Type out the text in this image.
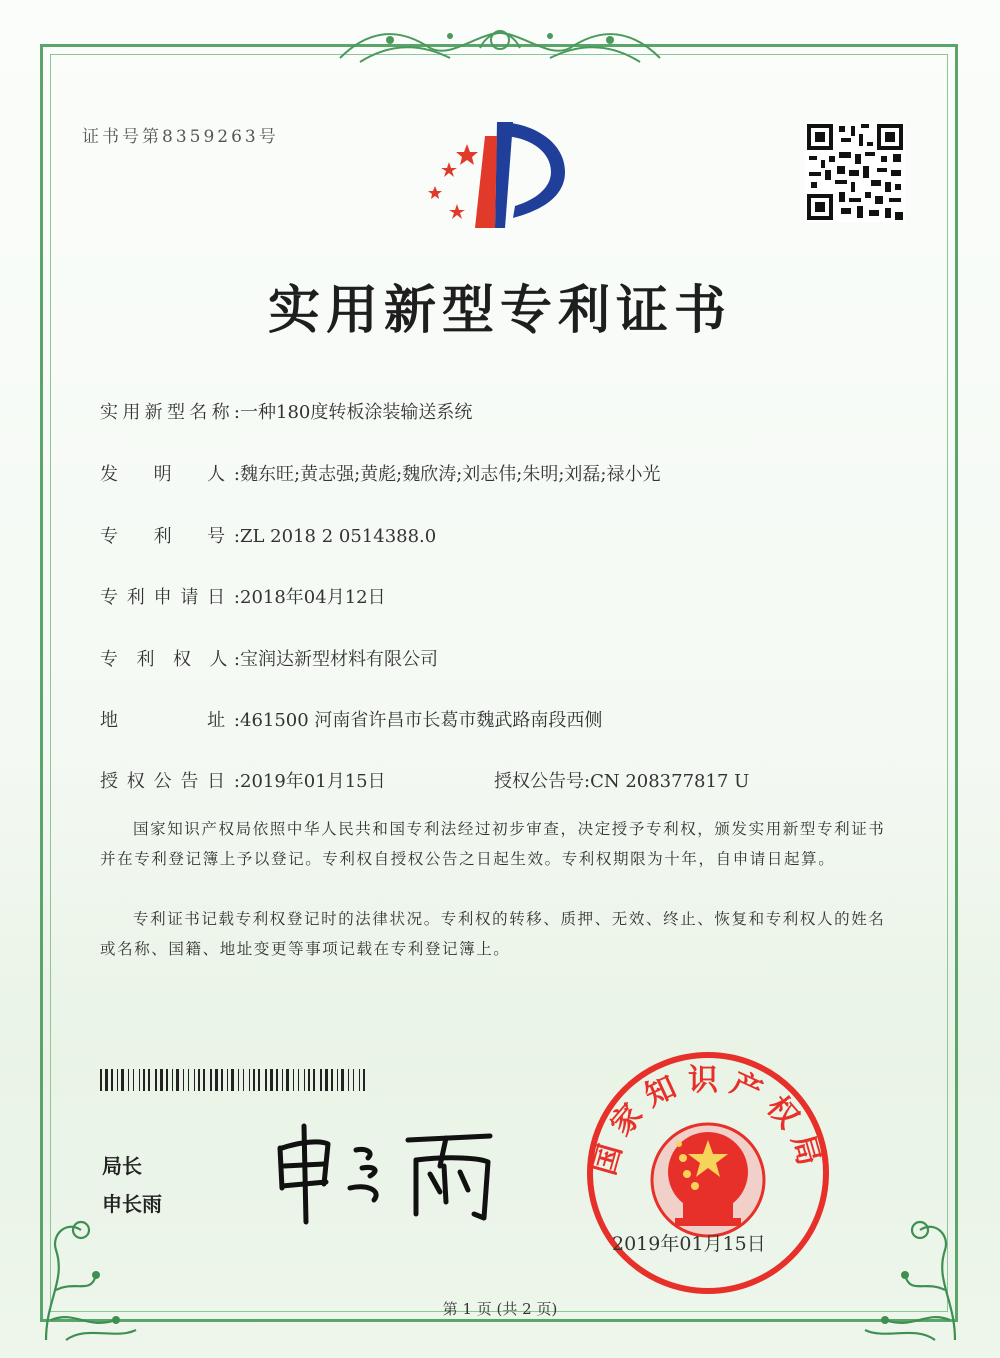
证书号第8359263号
实用新型专利证书
实用新型名称:一种180度转板涂装输送系统
发　明　人:魏东旺;黄志强;黄彪;魏欣涛;刘志伟;朱明;刘磊;禄小光
专　利　号:ZL 2018 2 0514388.0
专利申请日:2018年04月12日
专 利 权 人:宝润达新型材料有限公司
地　　　址:461500 河南省许昌市长葛市魏武路南段西侧
授权公告日:2019年01月15日	授权公告号:CN 208377817 U
国家知识产权局依照中华人民共和国专利法经过初步审查，决定授予专利权，颁发实用新型专利证书并在专利登记簿上予以登记。专利权自授权公告之日起生效。专利权期限为十年，自申请日起算。
专利证书记载专利权登记时的法律状况。专利权的转移、质押、无效、终止、恢复和专利权人的姓名或名称、国籍、地址变更等事项记载在专利登记簿上。
局长
申长雨
国家知识产权局
2019年01月15日
第 1 页 (共 2 页)
